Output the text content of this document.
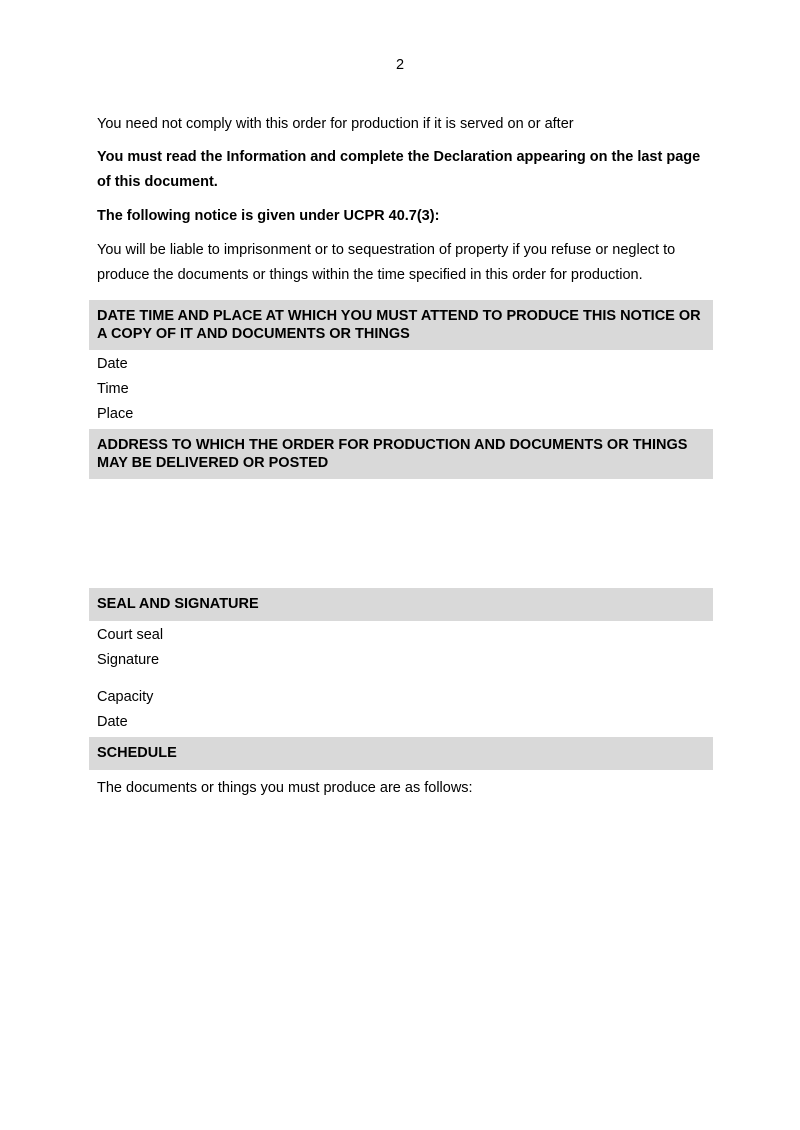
2
You need not comply with this order for production if it is served on or after
You must read the Information and complete the Declaration appearing on the last page of this document.
The following notice is given under UCPR 40.7(3):
You will be liable to imprisonment or to sequestration of property if you refuse or neglect to produce the documents or things within the time specified in this order for production.
DATE TIME AND PLACE AT WHICH YOU MUST ATTEND TO PRODUCE THIS NOTICE OR A COPY OF IT AND DOCUMENTS OR THINGS
Date
Time
Place
ADDRESS TO WHICH THE ORDER FOR PRODUCTION AND DOCUMENTS OR THINGS MAY BE DELIVERED OR POSTED
SEAL AND SIGNATURE
Court seal
Signature
Capacity
Date
SCHEDULE
The documents or things you must produce are as follows:
